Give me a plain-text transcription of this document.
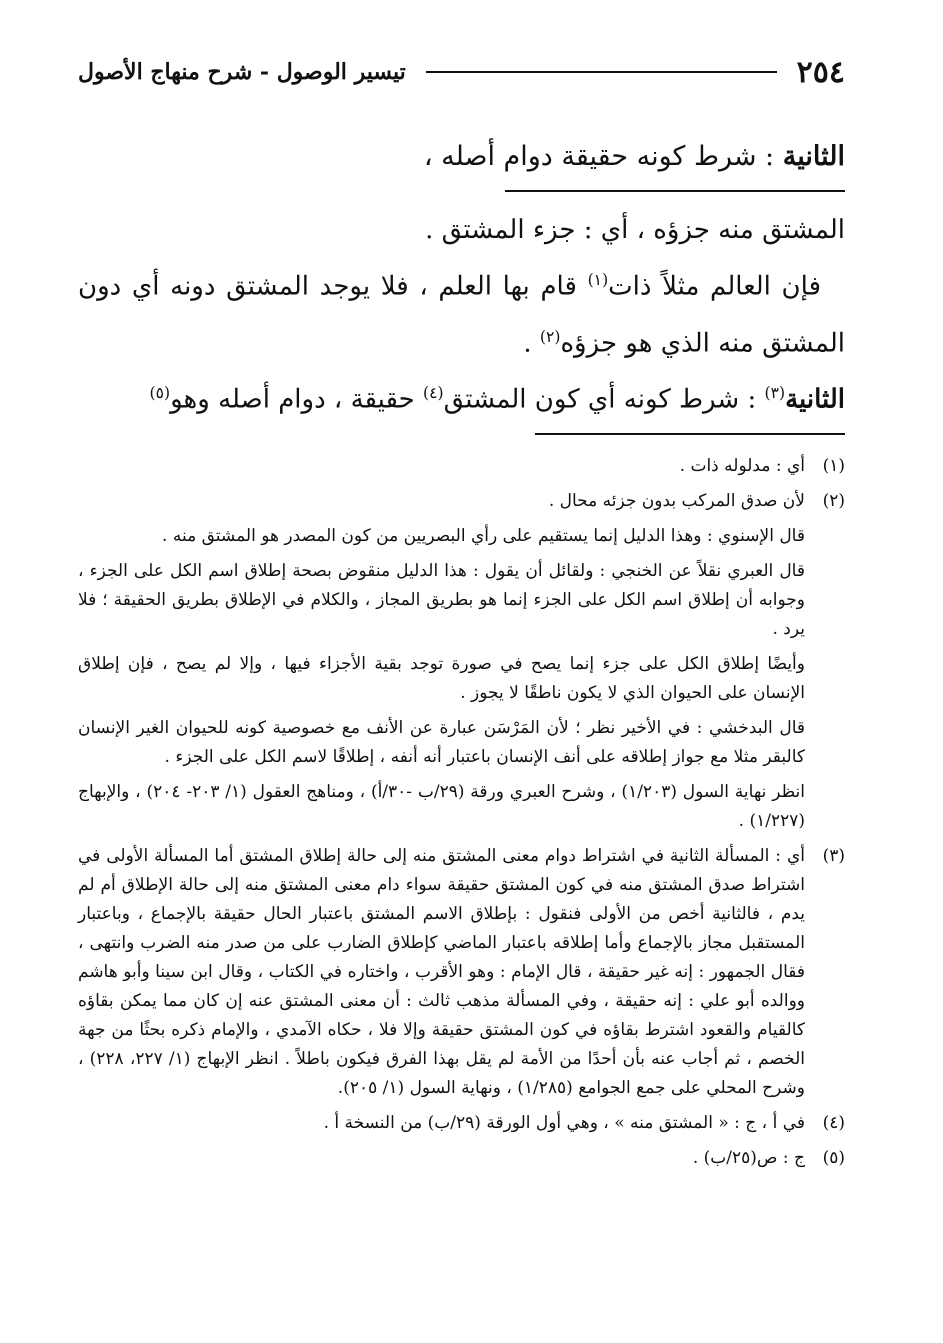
٢٥٤
تيسير الوصول - شرح منهاج الأصول
الثانية : شرط كونه حقيقة دوام أصله ،

المشتق منه جزؤه ، أي : جزء المشتق .

فإن العالم مثلاً ذات$^{(١)}$ قام بها العلم ، فلا يوجد المشتق دونه أي دون المشتق منه الذي هو جزؤه$^{(٢)}$ .

الثانية$^{(٣)}$ : شرط كونه أي كون المشتق$^{(٤)}$ حقيقة ، دوام أصله وهو$^{(٥)}$

(١)

أي : مدلوله ذات .

(٢)

لأن صدق المركب بدون جزئه محال .

قال الإسنوي : وهذا الدليل إنما يستقيم على رأي البصريين من كون المصدر هو المشتق منه .

قال العبري نقلاً عن الخنجي : ولقائل أن يقول : هذا الدليل منقوض بصحة إطلاق اسم الكل على الجزء ، وجوابه أن إطلاق اسم الكل على الجزء إنما هو بطريق المجاز ، والكلام في الإطلاق بطريق الحقيقة ؛ فلا يرد .

وأيضًا إطلاق الكل على جزء إنما يصح في صورة توجد بقية الأجزاء فيها ، وإلا لم يصح ، فإن إطلاق الإنسان على الحيوان الذي لا يكون ناطقًا لا يجوز .

قال البدخشي : في الأخير نظر ؛ لأن المَرْسَن عبارة عن الأنف مع خصوصية كونه للحيوان الغير الإنسان كالبقر مثلا مع جواز إطلاقه على أنف الإنسان باعتبار أنه أنفه ، إطلاقًا لاسم الكل على الجزء .

انظر نهاية السول (١/٢٠٣) ، وشرح العبري ورقة (٢٩/ب -٣٠/أ) ، ومناهج العقول (١/ ٢٠٣- ٢٠٤) ، والإبهاج (١/٢٢٧) .

(٣)

أي : المسألة الثانية في اشتراط دوام معنى المشتق منه إلى حالة إطلاق المشتق أما المسألة الأولى في اشتراط صدق المشتق منه في كون المشتق حقيقة سواء دام معنى المشتق منه إلى حالة الإطلاق أم لم يدم ، فالثانية أخص من الأولى فنقول : بإطلاق الاسم المشتق باعتبار الحال حقيقة بالإجماع ، وباعتبار المستقبل مجاز بالإجماع وأما إطلاقه باعتبار الماضي كإطلاق الضارب على من صدر منه الضرب وانتهى ، فقال الجمهور : إنه غير حقيقة ، قال الإمام : وهو الأقرب ، واختاره في الكتاب ، وقال ابن سينا وأبو هاشم ووالده أبو علي : إنه حقيقة ، وفي المسألة مذهب ثالث : أن معنى المشتق عنه إن كان مما يمكن بقاؤه كالقيام والقعود اشترط بقاؤه في كون المشتق حقيقة وإلا فلا ، حكاه الآمدي ، والإمام ذكره بحثًا من جهة الخصم ، ثم أجاب عنه بأن أحدًا من الأمة لم يقل بهذا الفرق فيكون باطلاً . انظر الإبهاج (١/ ٢٢٧، ٢٢٨) ، وشرح المحلي على جمع الجوامع (١/٢٨٥) ، ونهاية السول (١/ ٢٠٥).

(٤)

في أ ، ج : « المشتق منه » ، وهي أول الورقة (٢٩/ب) من النسخة أ .

(٥)

ج : ص(٢٥/ب) .
